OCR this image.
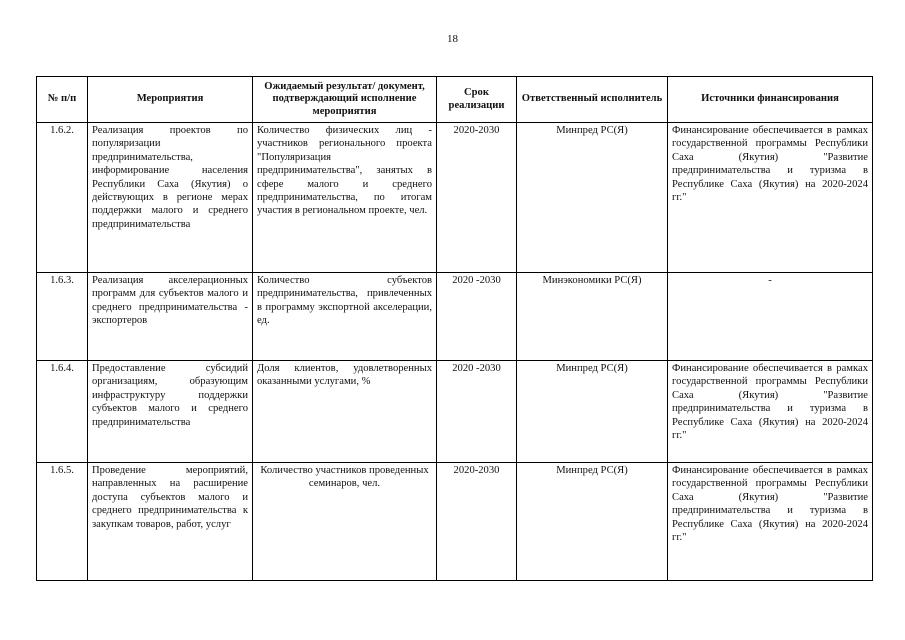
18
№ п/п	Мероприятия	Ожидаемый результат/ документ, подтверждающий исполнение мероприятия	Срок реализации	Ответственный исполнитель	Источники финансирования
1.6.2.	Реализация проектов по популяризации предпринимательства, информирование населения Республики Саха (Якутия) о действующих в регионе мерах поддержки малого и среднего предпринимательства	Количество физических лиц - участников регионального проекта "Популяризация предпринимательства", занятых в сфере малого и среднего предпринимательства, по итогам участия в региональном проекте, чел.	2020-2030	Минпред РС(Я)	Финансирование обеспечивается в рамках государственной программы Республики Саха (Якутия) "Развитие предпринимательства и туризма в Республике Саха (Якутия) на 2020-2024 гг."
1.6.3.	Реализация акселерационных программ для субъектов малого и среднего предпринимательства - экспортеров	Количество субъектов предпринимательства, привлеченных в программу экспортной акселерации, ед.	2020 -2030	Минэкономики РС(Я)	-
1.6.4.	Предоставление субсидий организациям, образующим инфраструктуру поддержки субъектов малого и среднего предпринимательства	Доля клиентов, удовлетворенных оказанными услугами, %	2020 -2030	Минпред РС(Я)	Финансирование обеспечивается в рамках государственной программы Республики Саха (Якутия) "Развитие предпринимательства и туризма в Республике Саха (Якутия) на 2020-2024 гг."
1.6.5.	Проведение мероприятий, направленных на расширение доступа субъектов малого и среднего предпринимательства к закупкам товаров, работ, услуг	Количество участников проведенных семинаров, чел.	2020-2030	Минпред РС(Я)	Финансирование обеспечивается в рамках государственной программы Республики Саха (Якутия) "Развитие предпринимательства и туризма в Республике Саха (Якутия) на 2020-2024 гг."
